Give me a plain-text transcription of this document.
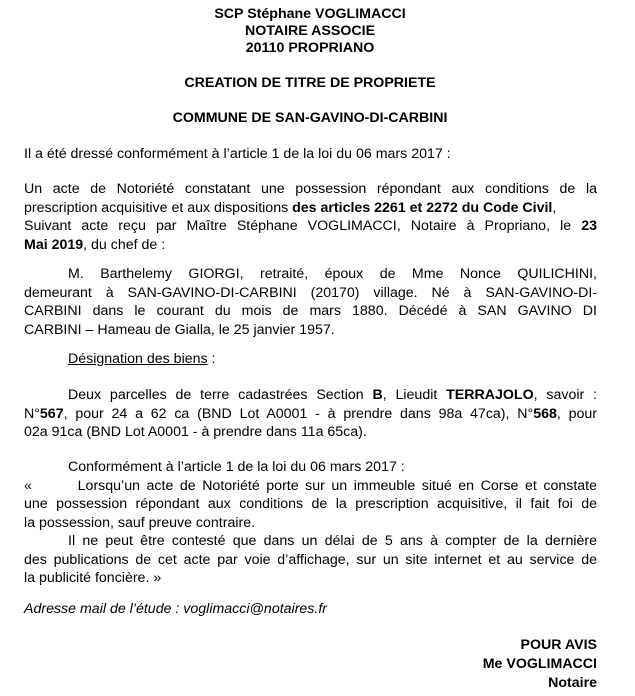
SCP Stéphane VOGLIMACCI
NOTAIRE ASSOCIE
20110 PROPRIANO
CREATION DE TITRE DE PROPRIETE
COMMUNE DE SAN-GAVINO-DI-CARBINI
Il a été dressé conformément à l’article 1 de la loi du 06 mars 2017 :
Un acte de Notoriété constatant une possession répondant aux conditions de la
prescription acquisitive et aux dispositions des articles 2261 et 2272 du Code Civil,
Suivant acte reçu par Maître Stéphane VOGLIMACCI, Notaire à Propriano, le 23
Mai 2019, du chef de :
M. Barthelemy GIORGI, retraité, époux de Mme Nonce QUILICHINI,
demeurant à SAN-GAVINO-DI-CARBINI (20170) village. Né à SAN-GAVINO-DI-
CARBINI dans le courant du mois de mars 1880. Décédé à SAN GAVINO DI
CARBINI – Hameau de Gialla, le 25 janvier 1957.
Désignation des biens :
Deux parcelles de terre cadastrées Section B, Lieudit TERRAJOLO, savoir :
N°567, pour 24 a 62 ca (BND Lot A0001 - à prendre dans 98a 47ca), N°568, pour
02a 91ca (BND Lot A0001 - à prendre dans 11a 65ca).
Conformément à l’article 1 de la loi du 06 mars 2017 :
«       Lorsqu’un acte de Notoriété porte sur un immeuble situé en Corse et constate
une possession répondant aux conditions de la prescription acquisitive, il fait foi de
la possession, sauf preuve contraire.
Il ne peut être contesté que dans un délai de 5 ans à compter de la dernière
des publications de cet acte par voie d’affichage, sur un site internet et au service de
la publicité foncière. »
Adresse mail de l’étude : voglimacci@notaires.fr
POUR AVIS
Me VOGLIMACCI
Notaire
